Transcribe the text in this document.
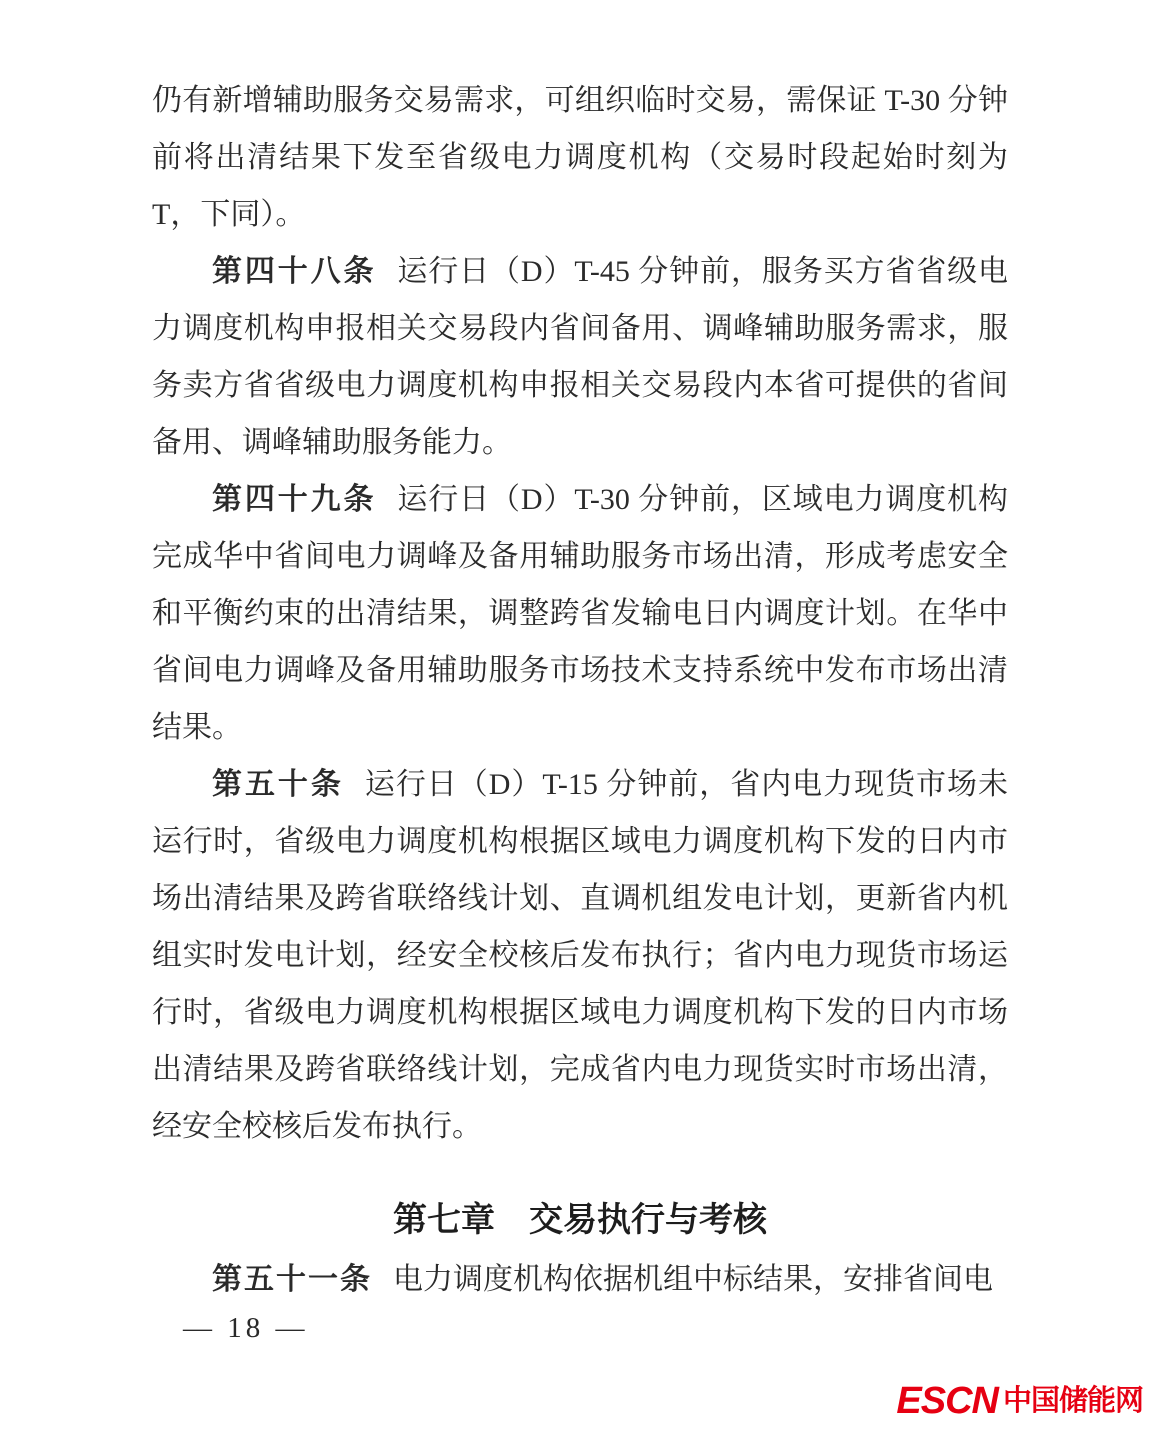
仍有新增辅助服务交易需求，可组织临时交易，需保证 T-30 分钟前将出清结果下发至省级电力调度机构（交易时段起始时刻为 T，下同）。

第四十八条 运行日（D）T-45 分钟前，服务买方省省级电力调度机构申报相关交易段内省间备用、调峰辅助服务需求，服务卖方省省级电力调度机构申报相关交易段内本省可提供的省间备用、调峰辅助服务能力。

第四十九条 运行日（D）T-30 分钟前，区域电力调度机构完成华中省间电力调峰及备用辅助服务市场出清，形成考虑安全和平衡约束的出清结果，调整跨省发输电日内调度计划。在华中省间电力调峰及备用辅助服务市场技术支持系统中发布市场出清结果。

第五十条 运行日（D）T-15 分钟前，省内电力现货市场未运行时，省级电力调度机构根据区域电力调度机构下发的日内市场出清结果及跨省联络线计划、直调机组发电计划，更新省内机组实时发电计划，经安全校核后发布执行；省内电力现货市场运行时，省级电力调度机构根据区域电力调度机构下发的日内市场出清结果及跨省联络线计划，完成省内电力现货实时市场出清，经安全校核后发布执行。

第七章　交易执行与考核

第五十一条 电力调度机构依据机组中标结果，安排省间电

— 18 —
ESCN 中国储能网
